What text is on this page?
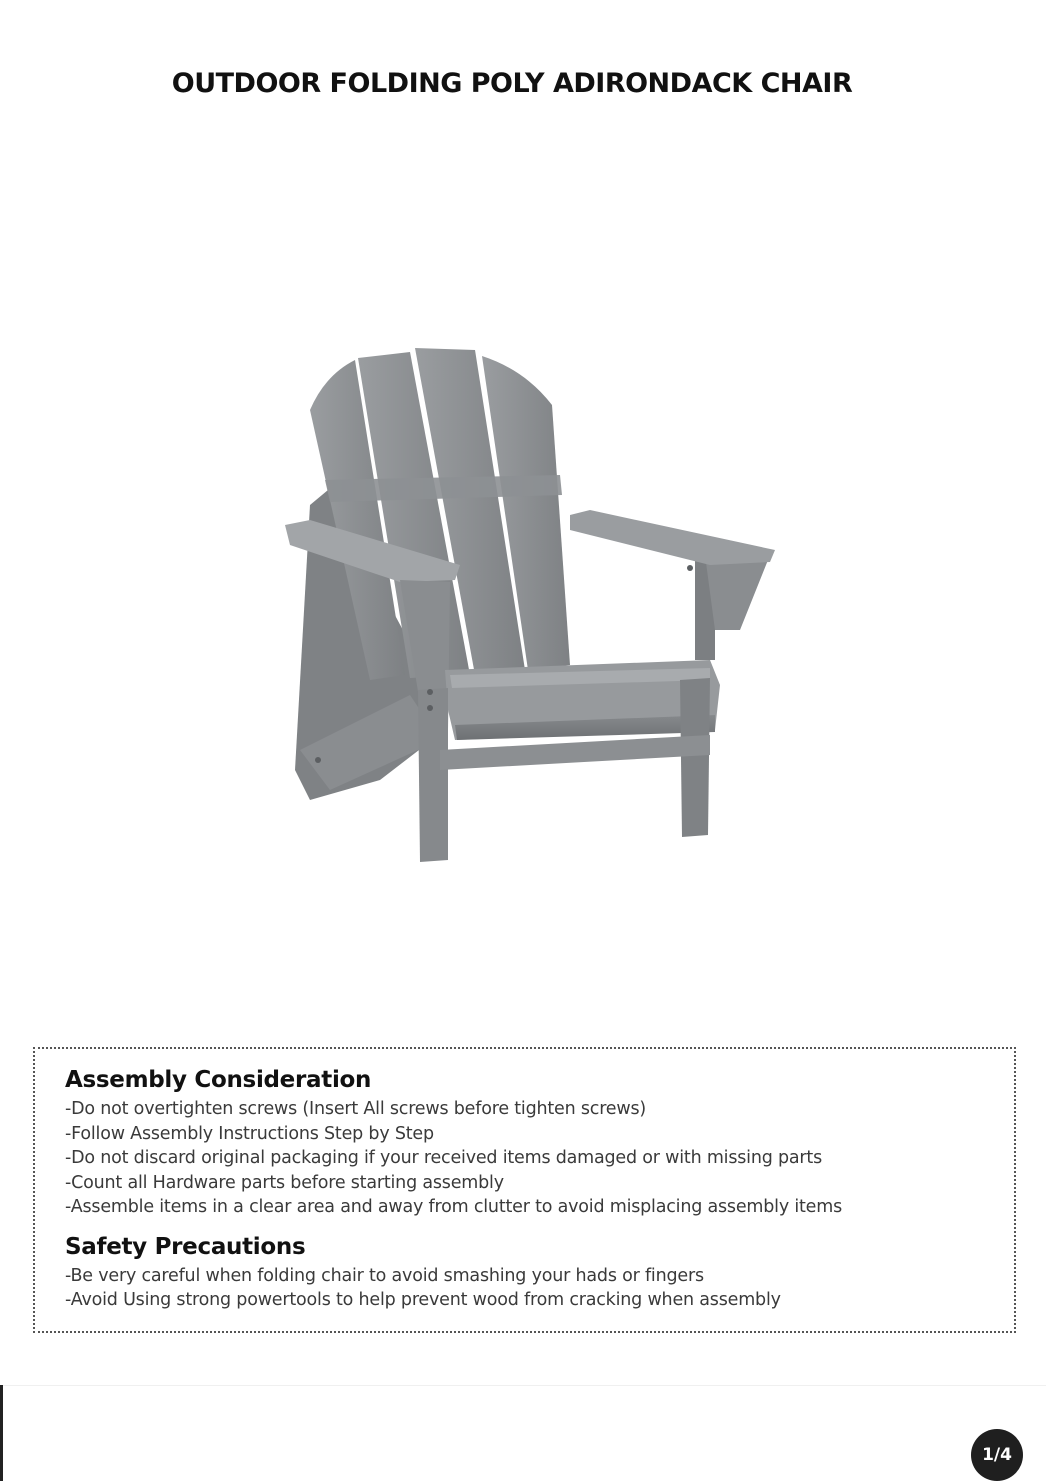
OUTDOOR FOLDING POLY ADIRONDACK CHAIR
Assembly Consideration
-Do not overtighten screws (Insert All screws before tighten screws)
-Follow Assembly Instructions Step by Step
-Do not discard original packaging if your received items damaged or with missing parts
-Count all Hardware parts before starting assembly
-Assemble items in a clear area and away from clutter to avoid misplacing assembly items
Safety Precautions
-Be very careful when folding chair to avoid smashing your hads or fingers
-Avoid Using strong powertools to help prevent wood from cracking when assembly
1/4
